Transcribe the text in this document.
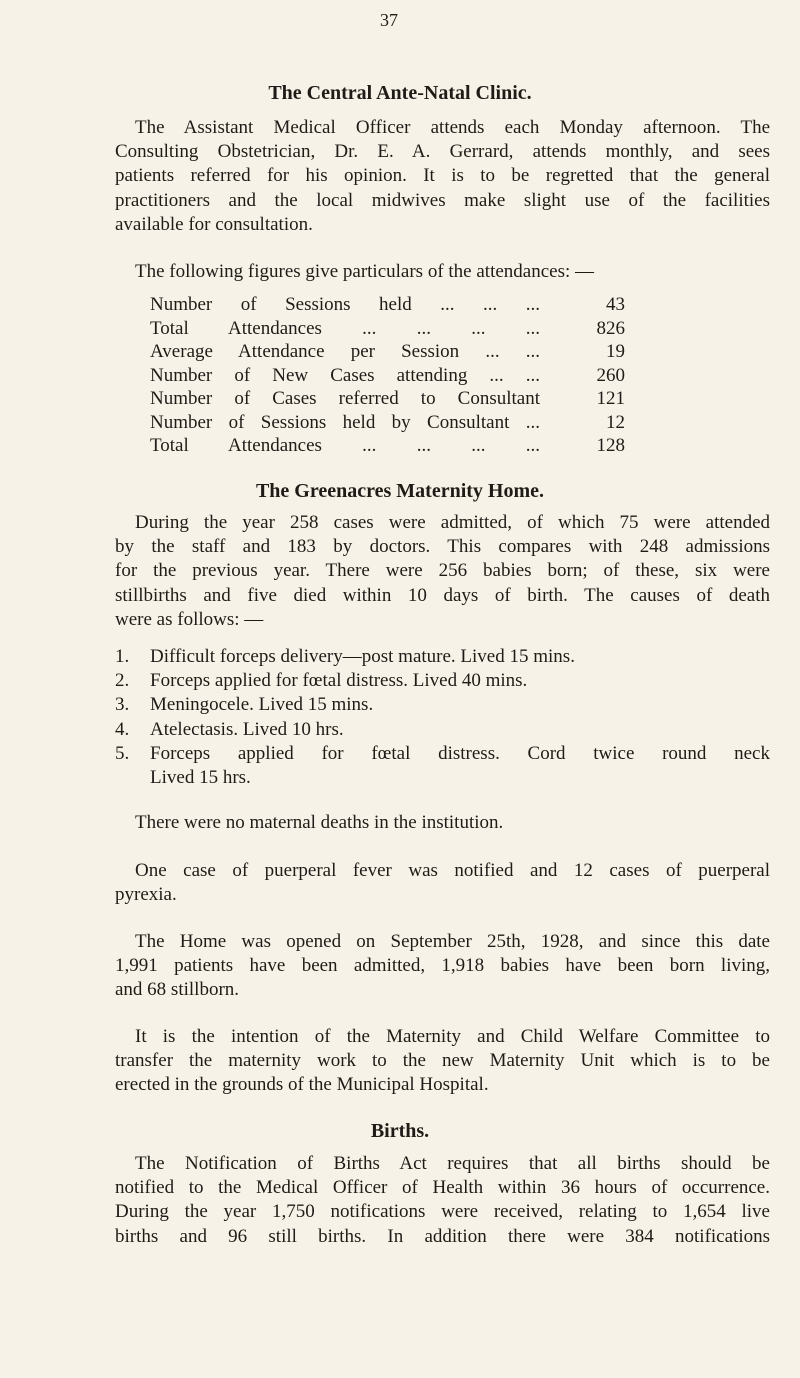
37
The Central Ante-Natal Clinic.
The Assistant Medical Officer attends each Monday afternoon. The
Consulting Obstetrician, Dr. E. A. Gerrard, attends monthly, and sees
patients referred for his opinion. It is to be regretted that the general
practitioners and the local midwives make slight use of the facilities
available for consultation.
The following figures give particulars of the attendances: —
Number of Sessions held ... ... ...	43
Total Attendances ... ... ... ...	826
Average Attendance per Session ... ...	19
Number of New Cases attending ... ...	260
Number of Cases referred to Consultant	121
Number of Sessions held by Consultant ...	12
Total Attendances ... ... ... ...	128
The Greenacres Maternity Home.
During the year 258 cases were admitted, of which 75 were attended
by the staff and 183 by doctors. This compares with 248 admissions
for the previous year. There were 256 babies born; of these, six were
stillbirths and five died within 10 days of birth. The causes of death
were as follows: —
1.	Difficult forceps delivery—post mature. Lived 15 mins.
2.	Forceps applied for fœtal distress. Lived 40 mins.
3.	Meningocele. Lived 15 mins.
4.	Atelectasis. Lived 10 hrs.
5.	Forceps applied for fœtal distress. Cord twice round neck
Lived 15 hrs.
There were no maternal deaths in the institution.
One case of puerperal fever was notified and 12 cases of puerperal
pyrexia.
The Home was opened on September 25th, 1928, and since this date
1,991 patients have been admitted, 1,918 babies have been born living,
and 68 stillborn.
It is the intention of the Maternity and Child Welfare Committee to
transfer the maternity work to the new Maternity Unit which is to be
erected in the grounds of the Municipal Hospital.
Births.
The Notification of Births Act requires that all births should be
notified to the Medical Officer of Health within 36 hours of occurrence.
During the year 1,750 notifications were received, relating to 1,654 live
births and 96 still births. In addition there were 384 notifications
